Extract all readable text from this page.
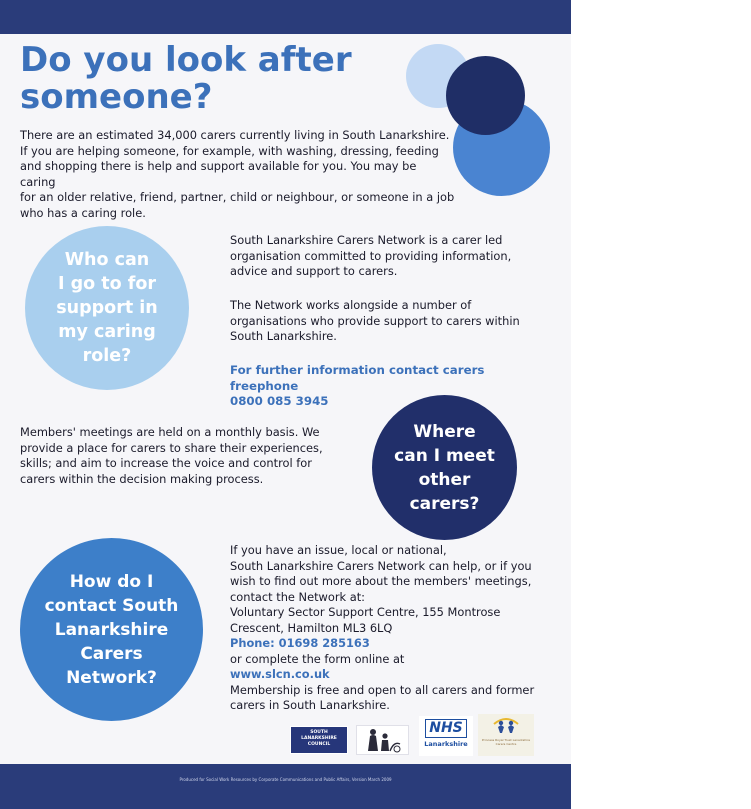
Do you look after
someone?

There are an estimated 34,000 carers currently living in South Lanarkshire.
If you are helping someone, for example, with washing, dressing, feeding
and shopping there is help and support available for you. You may be caring
for an older relative, friend, partner, child or neighbour, or someone in a job
who has a caring role.

Who can
I go to for
support in
my caring
role?

South Lanarkshire Carers Network is a carer led
organisation committed to providing information,
advice and support to carers.

The Network works alongside a number of
organisations who provide support to carers within
South Lanarkshire.

For further information contact carers freephone
0800 085 3945

Where
can I meet
other
carers?

Members' meetings are held on a monthly basis. We
provide a place for carers to share their experiences,
skills; and aim to increase the voice and control for
carers within the decision making process.

How do I
contact South
Lanarkshire
Carers
Network?

If you have an issue, local or national,
South Lanarkshire Carers Network can help, or if you
wish to find out more about the members' meetings,
contact the Network at:
Voluntary Sector Support Centre, 155 Montrose
Crescent, Hamilton ML3 6LQ
Phone: 01698 285163
or complete the form online at
www.slcn.co.uk
Membership is free and open to all carers and former
carers in South Lanarkshire.

SOUTH
LANARKSHIRE
COUNCIL
NHS
Lanarkshire	Princess Royal Trust Lanarkshire Carers Centre
Produced for Social Work Resources by Corporate Communications and Public Affairs, Version March 2009
